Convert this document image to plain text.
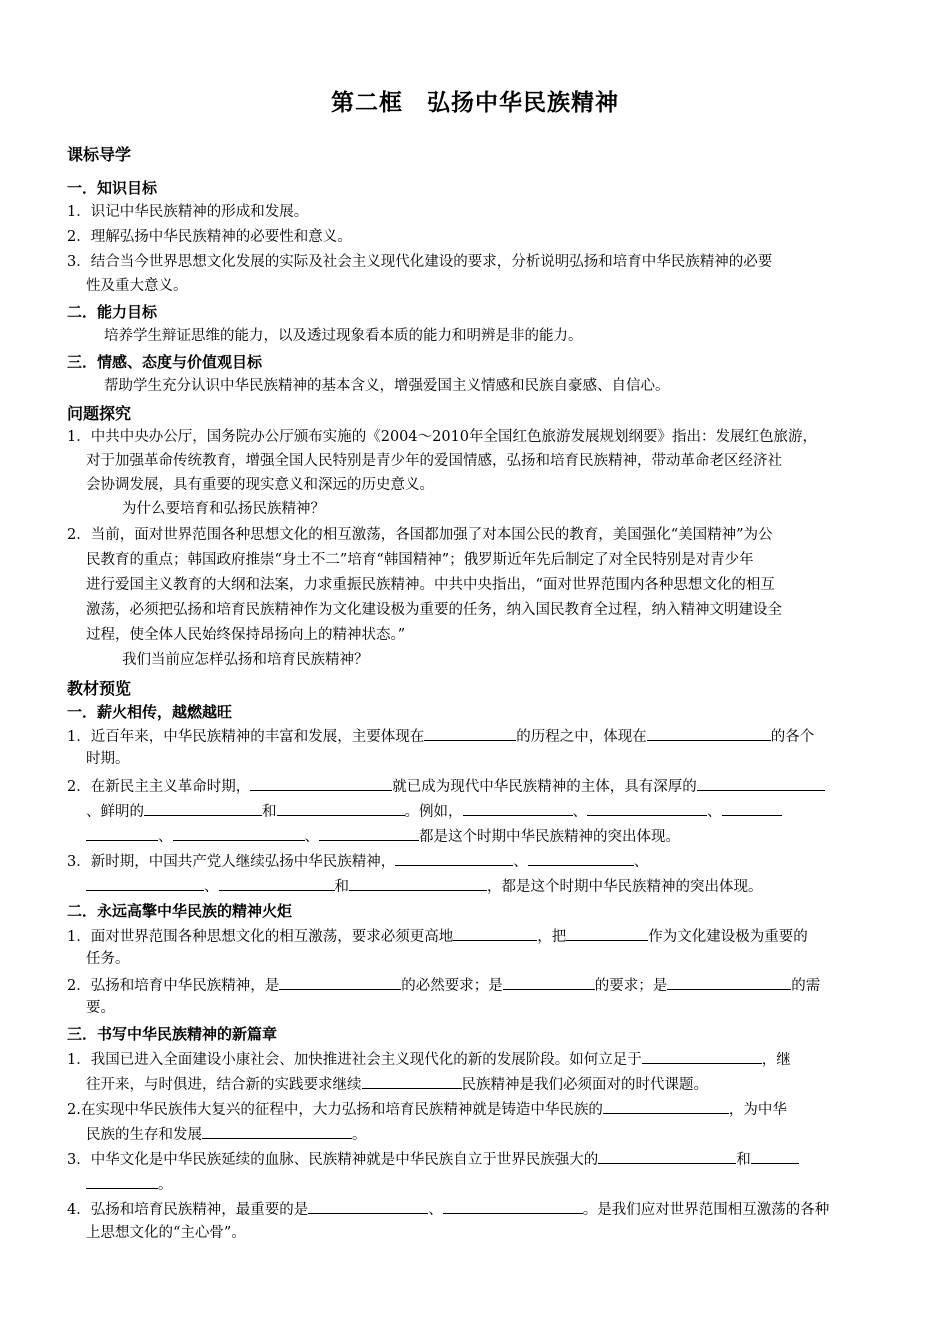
第二框　弘扬中华民族精神
课标导学
一．知识目标
1．识记中华民族精神的形成和发展。
2．理解弘扬中华民族精神的必要性和意义。
3．结合当今世界思想文化发展的实际及社会主义现代化建设的要求，分析说明弘扬和培育中华民族精神的必要
性及重大意义。
二．能力目标
培养学生辩证思维的能力，以及透过现象看本质的能力和明辨是非的能力。
三．情感、态度与价值观目标
帮助学生充分认识中华民族精神的基本含义，增强爱国主义情感和民族自豪感、自信心。
问题探究
1．中共中央办公厅，国务院办公厅颁布实施的《2004～2010年全国红色旅游发展规划纲要》指出：发展红色旅游，
对于加强革命传统教育，增强全国人民特别是青少年的爱国情感，弘扬和培育民族精神，带动革命老区经济社
会协调发展，具有重要的现实意义和深远的历史意义。
为什么要培育和弘扬民族精神？
2．当前，面对世界范围各种思想文化的相互激荡，各国都加强了对本国公民的教育，美国强化“美国精神”为公
民教育的重点；韩国政府推崇“身土不二”培育“韩国精神”；俄罗斯近年先后制定了对全民特别是对青少年
进行爱国主义教育的大纲和法案，力求重振民族精神。中共中央指出，“面对世界范围内各种思想文化的相互
激荡，必须把弘扬和培育民族精神作为文化建设极为重要的任务，纳入国民教育全过程，纳入精神文明建设全
过程，使全体人民始终保持昂扬向上的精神状态。”
我们当前应怎样弘扬和培育民族精神？
教材预览
一．薪火相传，越燃越旺
1．近百年来，中华民族精神的丰富和发展，主要体现在	的历程之中，体现在	的各个
时期。
2．在新民主主义革命时期，	就已成为现代中华民族精神的主体，具有深厚的
、鲜明的	和	。例如，	、	、
、	、	都是这个时期中华民族精神的突出体现。
3．新时期，中国共产党人继续弘扬中华民族精神，	、	、
、	和	，都是这个时期中华民族精神的突出体现。
二．永远高擎中华民族的精神火炬
1．面对世界范围各种思想文化的相互激荡，要求必须更高地	，把	作为文化建设极为重要的
任务。
2．弘扬和培育中华民族精神，是	的必然要求；是	的要求；是	的需
要。
三．书写中华民族精神的新篇章
1．我国已进入全面建设小康社会、加快推进社会主义现代化的新的发展阶段。如何立足于	，继
往开来，与时俱进，结合新的实践要求继续	民族精神是我们必须面对的时代课题。
2.在实现中华民族伟大复兴的征程中，大力弘扬和培育民族精神就是铸造中华民族的	，为中华
民族的生存和发展	。
3．中华文化是中华民族延续的血脉、民族精神就是中华民族自立于世界民族强大的	和
。
4．弘扬和培育民族精神，最重要的是	、	。是我们应对世界范围相互激荡的各种
上思想文化的“主心骨”。
